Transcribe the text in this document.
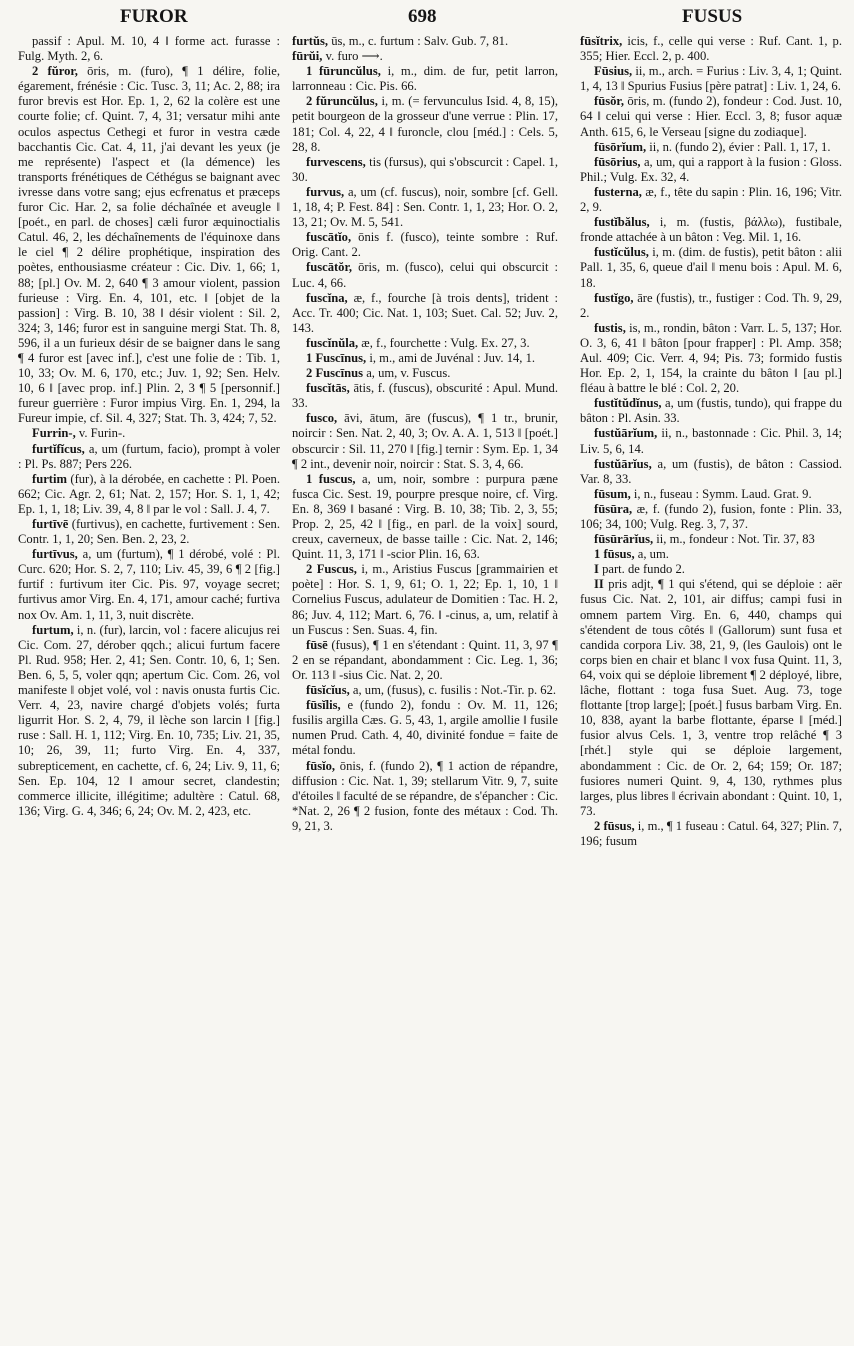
FUROR	698	FUSUS

passif : Apul. M. 10, 4 ‖ forme act. furasse : Fulg. Myth. 2, 6.

2 fŭror, ōris, m. (furo), ¶ 1 délire, folie, égarement, frénésie : Cic. Tusc. 3, 11; Ac. 2, 88; ira furor brevis est Hor. Ep. 1, 2, 62 la colère est une courte folie; cf. Quint. 7, 4, 31; versatur mihi ante oculos aspectus Cethegi et furor in vestra cæde bacchantis Cic. Cat. 4, 11, j'ai devant les yeux (je me représente) l'aspect et (la démence) les transports frénétiques de Céthégus se baignant avec ivresse dans votre sang; ejus ecfrenatus et præceps furor Cic. Har. 2, sa folie déchaînée et aveugle ‖ [poét., en parl. de choses] cæli furor æquinoctialis Catul. 46, 2, les déchaînements de l'équinoxe dans le ciel ¶ 2 délire prophétique, inspiration des poètes, enthousiasme créateur : Cic. Div. 1, 66; 1, 88; [pl.] Ov. M. 2, 640 ¶ 3 amour violent, passion furieuse : Virg. En. 4, 101, etc. ‖ [objet de la passion] : Virg. B. 10, 38 ‖ désir violent : Sil. 2, 324; 3, 146; furor est in sanguine mergi Stat. Th. 8, 596, il a un furieux désir de se baigner dans le sang ¶ 4 furor est [avec inf.], c'est une folie de : Tib. 1, 10, 33; Ov. M. 6, 170, etc.; Juv. 1, 92; Sen. Helv. 10, 6 ‖ [avec prop. inf.] Plin. 2, 3 ¶ 5 [personnif.] fureur guerrière : Furor impius Virg. En. 1, 294, la Fureur impie, cf. Sil. 4, 327; Stat. Th. 3, 424; 7, 52.

Furrin-, v. Furin-.

furtĭfĭcus, a, um (furtum, facio), prompt à voler : Pl. Ps. 887; Pers 226.

furtim (fur), à la dérobée, en cachette : Pl. Poen. 662; Cic. Agr. 2, 61; Nat. 2, 157; Hor. S. 1, 1, 42; Ep. 1, 1, 18; Liv. 39, 4, 8 ‖ par le vol : Sall. J. 4, 7.

furtīvē (furtivus), en cachette, furtivement : Sen. Contr. 1, 1, 20; Sen. Ben. 2, 23, 2.

furtīvus, a, um (furtum), ¶ 1 dérobé, volé : Pl. Curc. 620; Hor. S. 2, 7, 110; Liv. 45, 39, 6 ¶ 2 [fig.] furtif : furtivum iter Cic. Pis. 97, voyage secret; furtivus amor Virg. En. 4, 171, amour caché; furtiva nox Ov. Am. 1, 11, 3, nuit discrète.

furtum, i, n. (fur), larcin, vol : facere alicujus rei Cic. Com. 27, dérober qqch.; alicui furtum facere Pl. Rud. 958; Her. 2, 41; Sen. Contr. 10, 6, 1; Sen. Ben. 6, 5, 5, voler qqn; apertum Cic. Com. 26, vol manifeste ‖ objet volé, vol : navis onusta furtis Cic. Verr. 4, 23, navire chargé d'objets volés; furta ligurrit Hor. S. 2, 4, 79, il lèche son larcin ‖ [fig.] ruse : Sall. H. 1, 112; Virg. En. 10, 735; Liv. 21, 35, 10; 26, 39, 11; furto Virg. En. 4, 337, subrepticement, en cachette, cf. 6, 24; Liv. 9, 11, 6; Sen. Ep. 104, 12 ‖ amour secret, clandestin; commerce illicite, illégitime; adultère : Catul. 68, 136; Virg. G. 4, 346; 6, 24; Ov. M. 2, 423, etc.

furtŭs, ūs, m., c. furtum : Salv. Gub. 7, 81.

fūrŭi, v. furo ⟶.

1 fūruncŭlus, i, m., dim. de fur, petit larron, larronneau : Cic. Pis. 66.

2 fŭruncŭlus, i, m. (= fervunculus Isid. 4, 8, 15), petit bourgeon de la grosseur d'une verrue : Plin. 17, 181; Col. 4, 22, 4 ‖ furoncle, clou [méd.] : Cels. 5, 28, 8.

furvescens, tis (fursus), qui s'obscurcit : Capel. 1, 30.

furvus, a, um (cf. fuscus), noir, sombre [cf. Gell. 1, 18, 4; P. Fest. 84] : Sen. Contr. 1, 1, 23; Hor. O. 2, 13, 21; Ov. M. 5, 541.

fuscātĭo, ōnis f. (fusco), teinte sombre : Ruf. Orig. Cant. 2.

fuscātŏr, ōris, m. (fusco), celui qui obscurcit : Luc. 4, 66.

fuscĭna, æ, f., fourche [à trois dents], trident : Acc. Tr. 400; Cic. Nat. 1, 103; Suet. Cal. 52; Juv. 2, 143.

fuscĭnŭla, æ, f., fourchette : Vulg. Ex. 27, 3.

1 Fuscīnus, i, m., ami de Juvénal : Juv. 14, 1.

2 Fuscīnus a, um, v. Fuscus.

fuscĭtās, ātis, f. (fuscus), obscurité : Apul. Mund. 33.

fusco, āvi, ātum, āre (fuscus), ¶ 1 tr., brunir, noircir : Sen. Nat. 2, 40, 3; Ov. A. A. 1, 513 ‖ [poét.] obscurcir : Sil. 11, 270 ‖ [fig.] ternir : Sym. Ep. 1, 34 ¶ 2 int., devenir noir, noircir : Stat. S. 3, 4, 66.

1 fuscus, a, um, noir, sombre : purpura pæne fusca Cic. Sest. 19, pourpre presque noire, cf. Virg. En. 8, 369 ‖ basané : Virg. B. 10, 38; Tib. 2, 3, 55; Prop. 2, 25, 42 ‖ [fig., en parl. de la voix] sourd, creux, caverneux, de basse taille : Cic. Nat. 2, 146; Quint. 11, 3, 171 ‖ -scior Plin. 16, 63.

2 Fuscus, i, m., Aristius Fuscus [grammairien et poète] : Hor. S. 1, 9, 61; O. 1, 22; Ep. 1, 10, 1 ‖ Cornelius Fuscus, adulateur de Domitien : Tac. H. 2, 86; Juv. 4, 112; Mart. 6, 76. ‖ -cinus, a, um, relatif à un Fuscus : Sen. Suas. 4, fin.

fūsē (fusus), ¶ 1 en s'étendant : Quint. 11, 3, 97 ¶ 2 en se répandant, abondamment : Cic. Leg. 1, 36; Or. 113 ‖ -sius Cic. Nat. 2, 20.

fūsĭcĭus, a, um, (fusus), c. fusilis : Not.-Tir. p. 62.

fūsĭlis, e (fundo 2), fondu : Ov. M. 11, 126; fusilis argilla Cæs. G. 5, 43, 1, argile amollie ‖ fusile numen Prud. Cath. 4, 40, divinité fondue = faite de métal fondu.

fūsĭo, ōnis, f. (fundo 2), ¶ 1 action de répandre, diffusion : Cic. Nat. 1, 39; stellarum Vitr. 9, 7, suite d'étoiles ‖ faculté de se répandre, de s'épancher : Cic. *Nat. 2, 26 ¶ 2 fusion, fonte des métaux : Cod. Th. 9, 21, 3.

fūsĭtrix, icis, f., celle qui verse : Ruf. Cant. 1, p. 355; Hier. Eccl. 2, p. 400.

Fūsius, ii, m., arch. = Furius : Liv. 3, 4, 1; Quint. 1, 4, 13 ‖ Spurius Fusius [père patrat] : Liv. 1, 24, 6.

fūsŏr, ōris, m. (fundo 2), fondeur : Cod. Just. 10, 64 ‖ celui qui verse : Hier. Eccl. 3, 8; fusor aquæ Anth. 615, 6, le Verseau [signe du zodiaque].

fūsōrĭum, ii, n. (fundo 2), évier : Pall. 1, 17, 1.

fūsōrius, a, um, qui a rapport à la fusion : Gloss. Phil.; Vulg. Ex. 32, 4.

fusterna, æ, f., tête du sapin : Plin. 16, 196; Vitr. 2, 9.

fustĭbălus, i, m. (fustis, βάλλω), fustibale, fronde attachée à un bâton : Veg. Mil. 1, 16.

fustĭcŭlus, i, m. (dim. de fustis), petit bâton : alii Pall. 1, 35, 6, queue d'ail ‖ menu bois : Apul. M. 6, 18.

fustĭgo, āre (fustis), tr., fustiger : Cod. Th. 9, 29, 2.

fustis, is, m., rondin, bâton : Varr. L. 5, 137; Hor. O. 3, 6, 41 ‖ bâton [pour frapper] : Pl. Amp. 358; Aul. 409; Cic. Verr. 4, 94; Pis. 73; formido fustis Hor. Ep. 2, 1, 154, la crainte du bâton ‖ [au pl.] fléau à battre le blé : Col. 2, 20.

fustĭtŭdĭnus, a, um (fustis, tundo), qui frappe du bâton : Pl. Asin. 33.

fustŭārĭum, ii, n., bastonnade : Cic. Phil. 3, 14; Liv. 5, 6, 14.

fustŭārĭus, a, um (fustis), de bâton : Cassiod. Var. 8, 33.

fūsum, i, n., fuseau : Symm. Laud. Grat. 9.

fūsūra, æ, f. (fundo 2), fusion, fonte : Plin. 33, 106; 34, 100; Vulg. Reg. 3, 7, 37.

fūsūrārĭus, ii, m., fondeur : Not. Tir. 37, 83

1 fūsus, a, um.

I part. de fundo 2.

II pris adjt, ¶ 1 qui s'étend, qui se déploie : aër fusus Cic. Nat. 2, 101, air diffus; campi fusi in omnem partem Virg. En. 6, 440, champs qui s'étendent de tous côtés ‖ (Gallorum) sunt fusa et candida corpora Liv. 38, 21, 9, (les Gaulois) ont le corps bien en chair et blanc ‖ vox fusa Quint. 11, 3, 64, voix qui se déploie librement ¶ 2 déployé, libre, lâche, flottant : toga fusa Suet. Aug. 73, toge flottante [trop large]; [poét.] fusus barbam Virg. En. 10, 838, ayant la barbe flottante, éparse ‖ [méd.] fusior alvus Cels. 1, 3, ventre trop relâché ¶ 3 [rhét.] style qui se déploie largement, abondamment : Cic. de Or. 2, 64; 159; Or. 187; fusiores numeri Quint. 9, 4, 130, rythmes plus larges, plus libres ‖ écrivain abondant : Quint. 10, 1, 73.

2 fūsus, i, m., ¶ 1 fuseau : Catul. 64, 327; Plin. 7, 196; fusum
